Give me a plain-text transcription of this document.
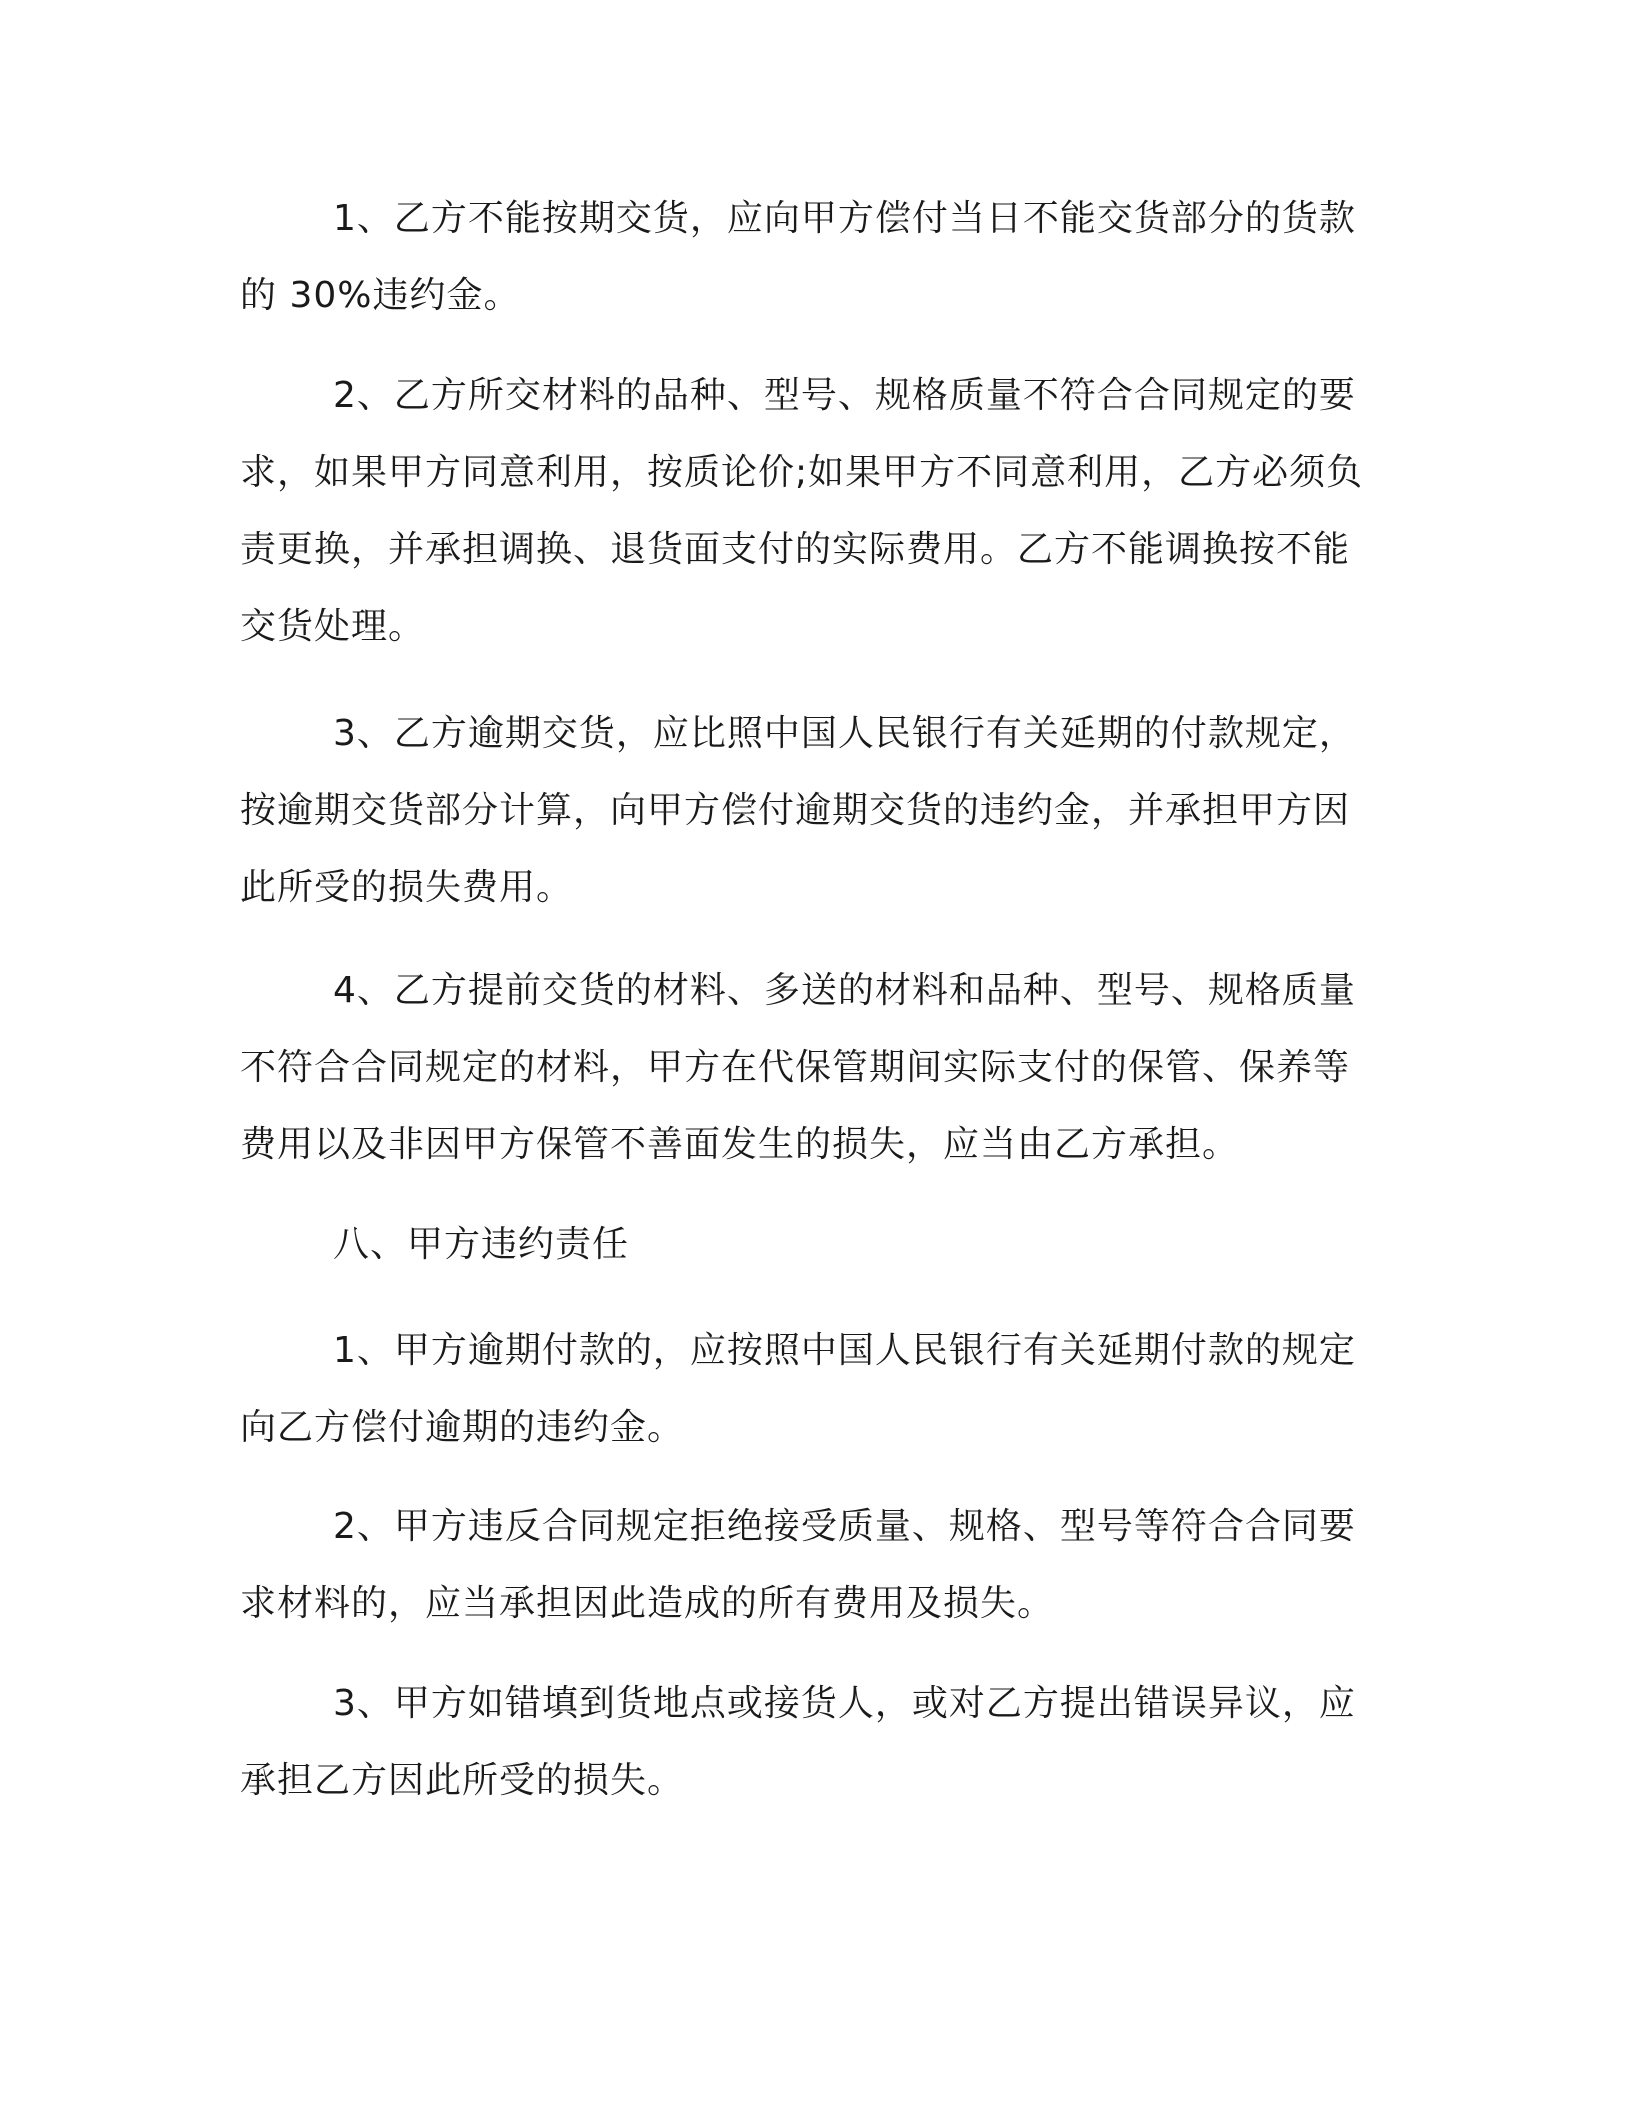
1、乙方不能按期交货，应向甲方偿付当日不能交货部分的货款
的 30%违约金。
2、乙方所交材料的品种、型号、规格质量不符合合同规定的要
求，如果甲方同意利用，按质论价;如果甲方不同意利用，乙方必须负
责更换，并承担调换、退货面支付的实际费用。乙方不能调换按不能
交货处理。
3、乙方逾期交货，应比照中国人民银行有关延期的付款规定，
按逾期交货部分计算，向甲方偿付逾期交货的违约金，并承担甲方因
此所受的损失费用。
4、乙方提前交货的材料、多送的材料和品种、型号、规格质量
不符合合同规定的材料，甲方在代保管期间实际支付的保管、保养等
费用以及非因甲方保管不善面发生的损失，应当由乙方承担。
八、甲方违约责任
1、甲方逾期付款的，应按照中国人民银行有关延期付款的规定
向乙方偿付逾期的违约金。
2、甲方违反合同规定拒绝接受质量、规格、型号等符合合同要
求材料的，应当承担因此造成的所有费用及损失。
3、甲方如错填到货地点或接货人，或对乙方提出错误异议，应
承担乙方因此所受的损失。
